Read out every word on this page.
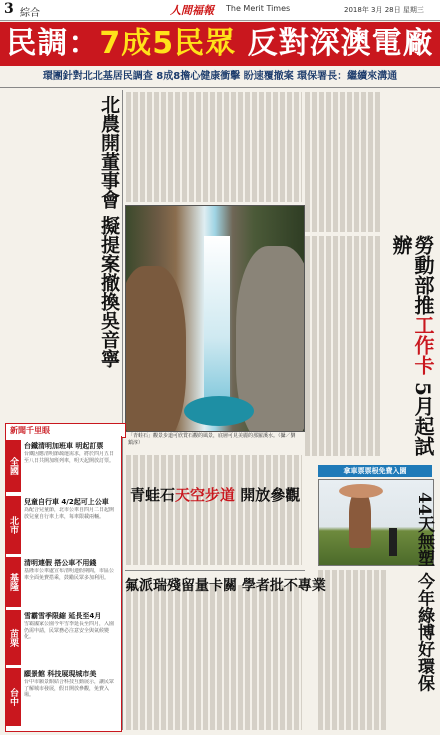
3 綜合	人間福報 The Merit Times	2018年 3月 28日 星期三
民調：7成5民眾 反對深澳電廠
環團針對北北基居民調查 8成8擔心健康衝擊 盼速覆撤案 環保署長：繼續來溝通
北農開董事會 擬提案撤換吳音寧	勞動部推工作卡 5月起試辦
「青蛙石」觀景步道可欣賞石觀的風景，底層可見美麗的那羅溪水。（攝／劉鎮淳）
青蛙石天空步道 開放參觀
氟派瑞殘留量卡關 學者批不專業
拿車票票根免費入園
44天無塑 今年綠博好環保
新聞千里眼
全國
台鐵清明加班車 明起訂票
台鐵因應清明節疏運需求，將於四月五日至八日共開加班列車，明天起開放訂票。
北市
兒童自行車 4/2起可上公車
為配合兒童節，北市公車自四月二日起開放兒童自行車上車，每車限載兩輛。
基隆
清明連假 搭公車不用錢
基隆市公車處宣布清明連假期間，市區公車全面免費搭乘，鼓勵民眾多加利用。
苗栗
雪霸雪季限縮 延長至4月
雪霸國家公園今年雪季延長至四月，入園仍需申請，民眾務必注意安全與氣候變化。
台中
願景館 科技展現城市美
台中市願景館結合科技互動展示，讓民眾了解城市發展，假日開放參觀，免費入場。
